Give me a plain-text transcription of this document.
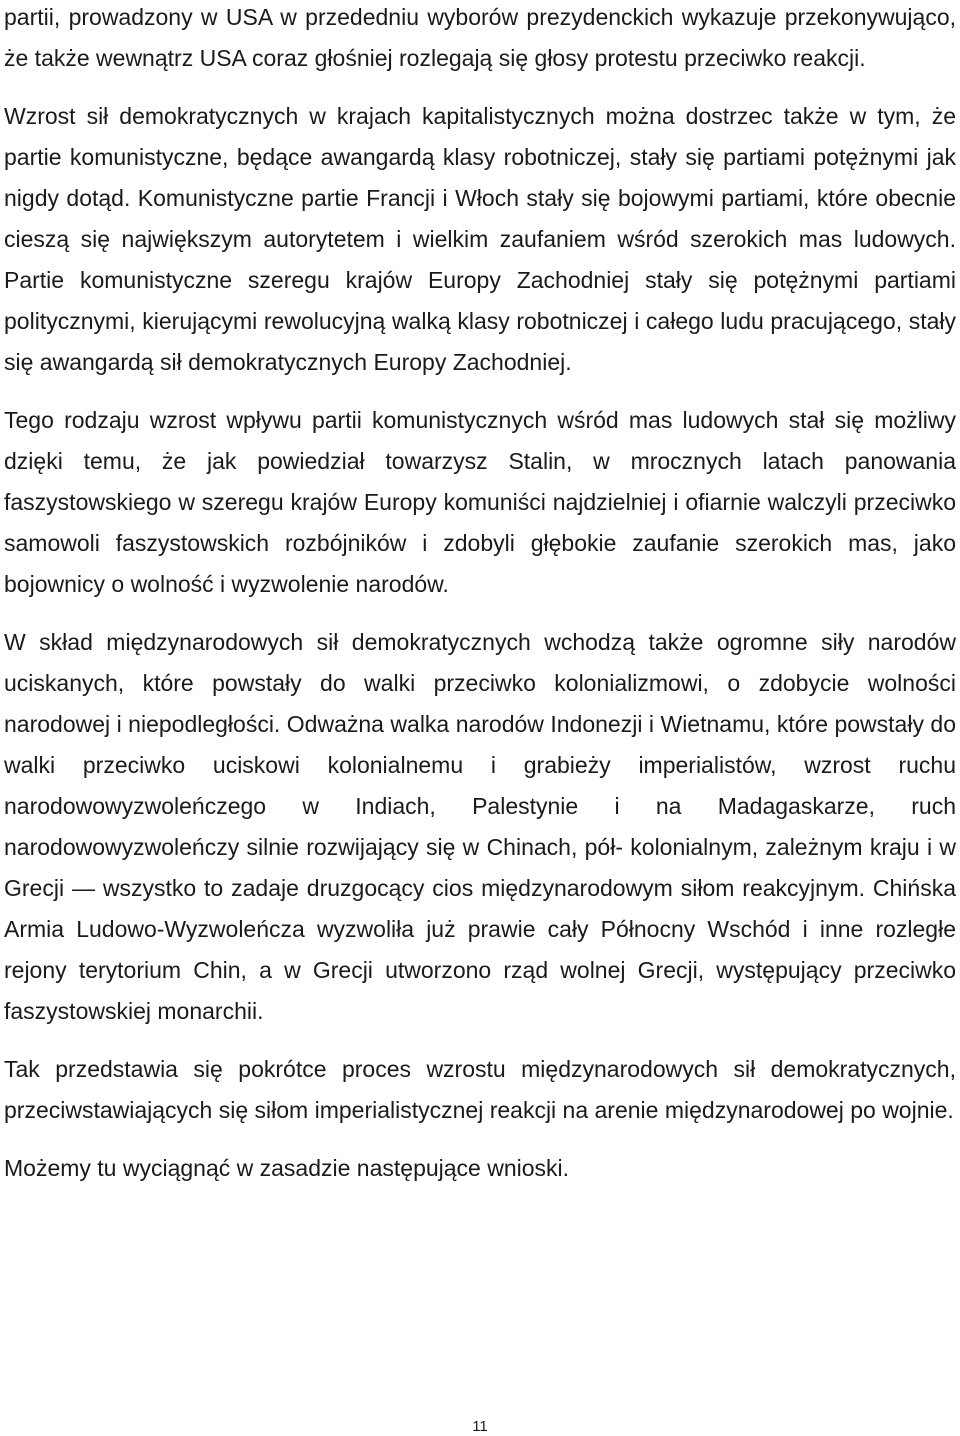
partii, prowadzony w USA w przededniu wyborów prezydenckich wykazuje przekonywująco, że także wewnątrz USA coraz głośniej rozlegają się głosy protestu przeciwko reakcji.

Wzrost sił demokratycznych w krajach kapitalistycznych można dostrzec także w tym, że partie komunistyczne, będące awangardą klasy robotniczej, stały się partiami potężnymi jak nigdy dotąd. Komunistyczne partie Francji i Włoch stały się bojowymi partiami, które obecnie cieszą się największym autorytetem i wielkim zaufaniem wśród szerokich mas ludowych. Partie komunistyczne szeregu krajów Europy Zachodniej stały się potężnymi partiami politycznymi, kierującymi rewolucyjną walką klasy robotniczej i całego ludu pracującego, stały się awangardą sił demokratycznych Europy Zachodniej.

Tego rodzaju wzrost wpływu partii komunistycznych wśród mas ludowych stał się możliwy dzięki temu, że jak powiedział towarzysz Stalin, w mrocznych latach panowania faszystowskiego w szeregu krajów Europy komuniści najdzielniej i ofiarnie walczyli przeciwko samowoli faszystowskich rozbójników i zdobyli głębokie zaufanie szerokich mas, jako bojownicy o wolność i wyzwolenie narodów.

W skład międzynarodowych sił demokratycznych wchodzą także ogromne siły narodów uciskanych, które powstały do walki przeciwko kolonializmowi, o zdobycie wolności narodowej i niepodległości. Odważna walka narodów Indonezji i Wietnamu, które powstały do walki przeciwko uciskowi kolonialnemu i grabieży imperialistów, wzrost ruchu narodowowyzwoleńczego w Indiach, Palestynie i na Madagaskarze, ruch narodowowyzwoleńczy silnie rozwijający się w Chinach, pół- kolonialnym, zależnym kraju i w Grecji — wszystko to zadaje druzgocący cios międzynarodowym siłom reakcyjnym. Chińska Armia Ludowo-Wyzwoleńcza wyzwoliła już prawie cały Północny Wschód i inne rozległe rejony terytorium Chin, a w Grecji utworzono rząd wolnej Grecji, występujący przeciwko faszystowskiej monarchii.

Tak przedstawia się pokrótce proces wzrostu międzynarodowych sił demokratycznych, przeciwstawiających się siłom imperialistycznej reakcji na arenie międzynarodowej po wojnie.

Możemy tu wyciągnąć w zasadzie następujące wnioski.

11
